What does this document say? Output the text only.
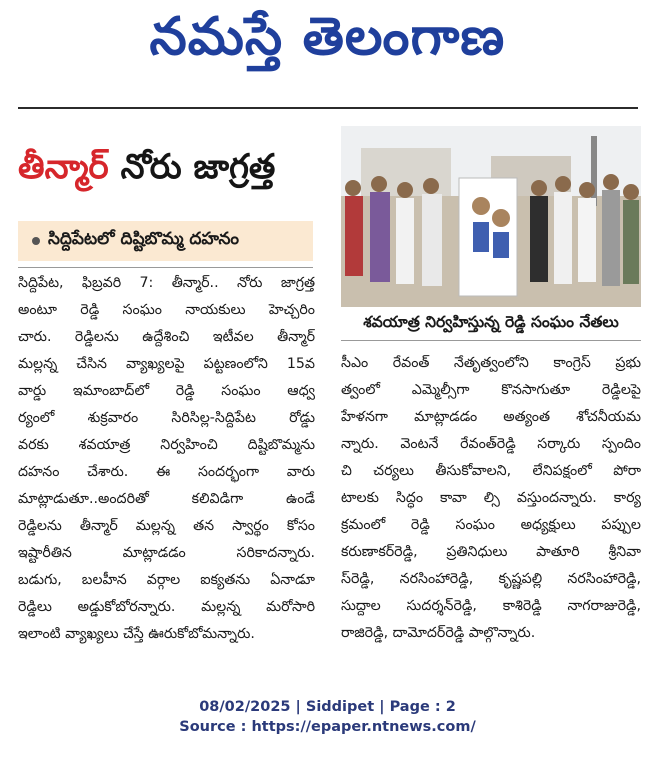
నమస్తే తెలంగాణ
తీన్మార్ నోరు జాగ్రత్త
సిద్దిపేటలో దిష్టిబొమ్మ దహనం
సిద్దిపేట, ఫిబ్రవరి 7: తీన్మార్.. నోరు జాగ్రత్త
అంటూ రెడ్డి సంఘం నాయకులు హెచ్చరిం
చారు. రెడ్డిలను ఉద్దేశించి ఇటీవల తీన్మార్
మల్లన్న చేసిన వ్యాఖ్యలపై పట్టణంలోని 15వ
వార్డు ఇమాంబాద్‌లో రెడ్డి సంఘం ఆధ్వ
ర్యంలో శుక్రవారం సిరిసిల్ల-సిద్దిపేట రోడ్డు
వరకు శవయాత్ర నిర్వహించి దిష్టిబొమ్మను
దహనం చేశారు. ఈ సందర్భంగా వారు
మాట్లాడుతూ..అందరితో కలివిడిగా ఉండే
రెడ్డిలను తీన్మార్ మల్లన్న తన స్వార్థం కోసం
ఇష్టారీతిన మాట్లాడడం సరికాదన్నారు.
బడుగు, బలహీన వర్గాల ఐక్యతను ఏనాడూ
రెడ్డిలు అడ్డుకోబోరన్నారు. మల్లన్న మరోసారి
ఇలాంటి వ్యాఖ్యలు చేస్తే ఊరుకోబోమన్నారు.
శవయాత్ర నిర్వహిస్తున్న రెడ్డి సంఘం నేతలు
సీఎం రేవంత్ నేతృత్వంలోని కాంగ్రెస్ ప్రభు
త్వంలో ఎమ్మెల్సీగా కొనసాగుతూ రెడ్డిలపై
హేళనగా మాట్లాడడం అత్యంత శోచనీయమ
న్నారు. వెంటనే రేవంత్‌రెడ్డి సర్కారు స్పందిం
చి చర్యలు తీసుకోవాలని, లేనిపక్షంలో పోరా
టాలకు సిద్ధం కావా ల్సి వస్తుందన్నారు. కార్య
క్రమంలో రెడ్డి సంఘం అధ్యక్షులు పప్పుల
కరుణాకర్‌రెడ్డి, ప్రతినిధులు పాతూరి శ్రీనివా
స్‌రెడ్డి, నరసింహారెడ్డి, కృష్ణపల్లి నరసింహారెడ్డి,
సుద్దాల సుదర్శన్‌రెడ్డి, కాశిరెడ్డి నాగరాజురెడ్డి,
రాజిరెడ్డి, దామోదర్‌రెడ్డి పాల్గొన్నారు.
08/02/2025 | Siddipet | Page : 2
Source : https://epaper.ntnews.com/
